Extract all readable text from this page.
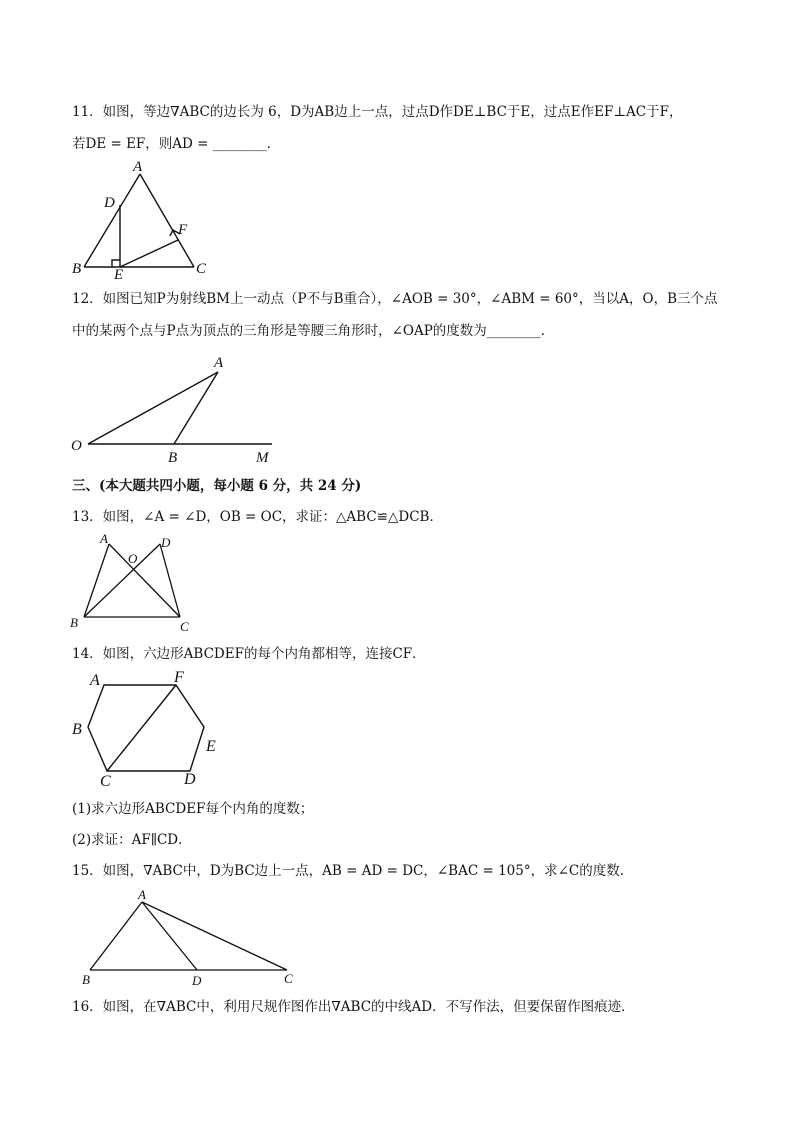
11．如图，等边∇ABC的边长为 6，D为AB边上一点，过点D作DE⊥BC于E，过点E作EF⊥AC于F，
若DE = EF，则AD = ________．
A
D
F
B E	C
12．如图已知P为射线BM上一动点（P不与B重合），∠AOB = 30°，∠ABM = 60°，当以A，O，B三个点
中的某两个点与P点为顶点的三角形是等腰三角形时，∠OAP的度数为________．
A
O
B	M
三、(本大题共四小题，每小题 6 分，共 24 分)
13．如图，∠A = ∠D，OB = OC，求证：△ABC≌△DCB．
A
O
D
B	C
14．如图，六边形ABCDEF的每个内角都相等，连接CF．
A	F
B
E
C	D
(1)求六边形ABCDEF每个内角的度数；
(2)求证：AF∥CD．
15．如图，∇ABC中，D为BC边上一点，AB = AD = DC，∠BAC = 105°，求∠C的度数．
A
B	D	C
16．如图，在∇ABC中，利用尺规作图作出∇ABC的中线AD．不写作法，但要保留作图痕迹．
